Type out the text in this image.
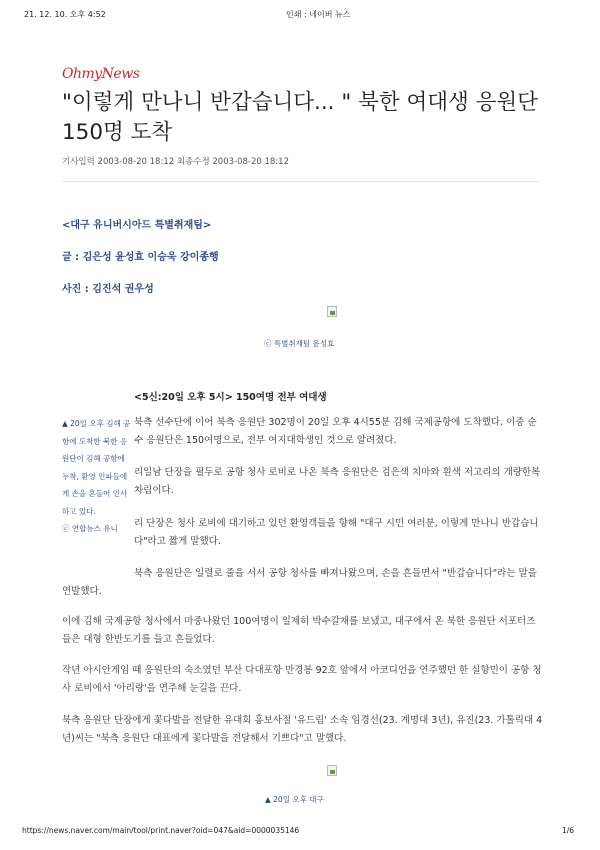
21. 12. 10. 오후 4:52	인쇄 : 네이버 뉴스
OhmyNews
"이렇게 만나니 반갑습니다... " 북한 여대생 응원단 150명 도착
기사입력 2003-08-20 18:12 최종수정 2003-08-20 18:12
<대구 유니버시아드 특별취재팀>
글 : 김은성 윤성효 이승욱 강이종행
사진 : 김진석 권우성
ⓒ 특별취재팀 윤성효
<5신:20일 오후 5시> 150여명 전부 여대생
▲ 20일 오후 김해 공항에 도착한 북한 응원단이 김해 공항에 누착, 환영 인파들에게 손을 흔들어 인사하고 있다.
ⓒ 연합뉴스 유니

북측 선수단에 이어 북측 응원단 302명이 20일 오후 4시55분 김해 국제공항에 도착했다. 이중 순수 응원단은 150여명으로, 전부 여지대학생인 것으로 알려졌다.

리일남 단장을 필두로 공항 청사 로비로 나온 북측 응원단은 검은색 치마와 흰색 저고리의 개량한복 차림이다.

리 단장은 청사 로비에 대기하고 있던 환영객들을 향해 "대구 시민 여러분, 이렇게 만나니 반갑습니다"라고 짧게 말했다.

북측 응원단은 일렬로 줄을 서서 공항 청사를 빠져나왔으며, 손을 흔들면서 "반갑습니다"라는 말을 연발했다.

이에 김해 국제공항 청사에서 마중나왔던 100여명이 일제히 박수갈채를 보냈고, 대구에서 온 북한 응원단 서포터즈들은 대형 한반도기를 들고 흔들었다.

작년 아시안게임 때 응원단의 숙소였던 부산 다대포항 만경봉 92호 앞에서 아코디언을 연주했던 한 실향민이 공항 청사 로비에서 '아리랑'을 연주해 눈길을 끈다.

북측 응원단 단장에게 꽃다발을 전달한 유대회 홍보사절 '유드림' 소속 임경선(23. 계명대 3년), 유진(23. 가톨릭대 4년)씨는 "북측 응원단 대표에게 꽃다발을 전달해서 기쁘다"고 말했다.

▲ 20일 오후 대구
https://news.naver.com/main/tool/print.naver?oid=047&aid=0000035146	1/6
